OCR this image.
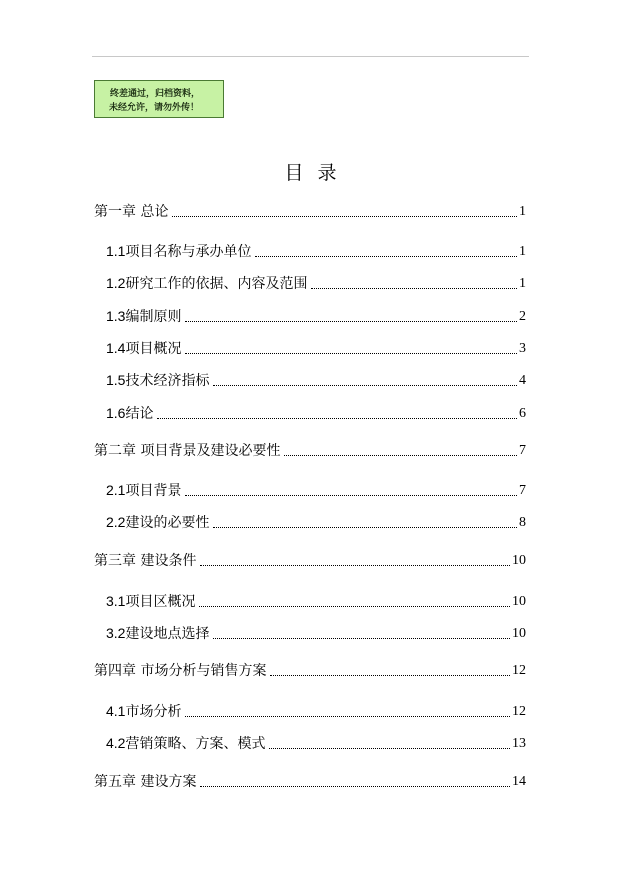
终差通过，归档资料，
未经允许，请勿外传！
目录
第一章 总论	1
1.1项目名称与承办单位	1
1.2研究工作的依据、内容及范围	1
1.3编制原则	2
1.4项目概况	3
1.5技术经济指标	4
1.6结论	6
第二章 项目背景及建设必要性	7
2.1项目背景	7
2.2建设的必要性	8
第三章 建设条件	10
3.1项目区概况	10
3.2建设地点选择	10
第四章 市场分析与销售方案	12
4.1市场分析	12
4.2营销策略、方案、模式	13
第五章 建设方案	14
